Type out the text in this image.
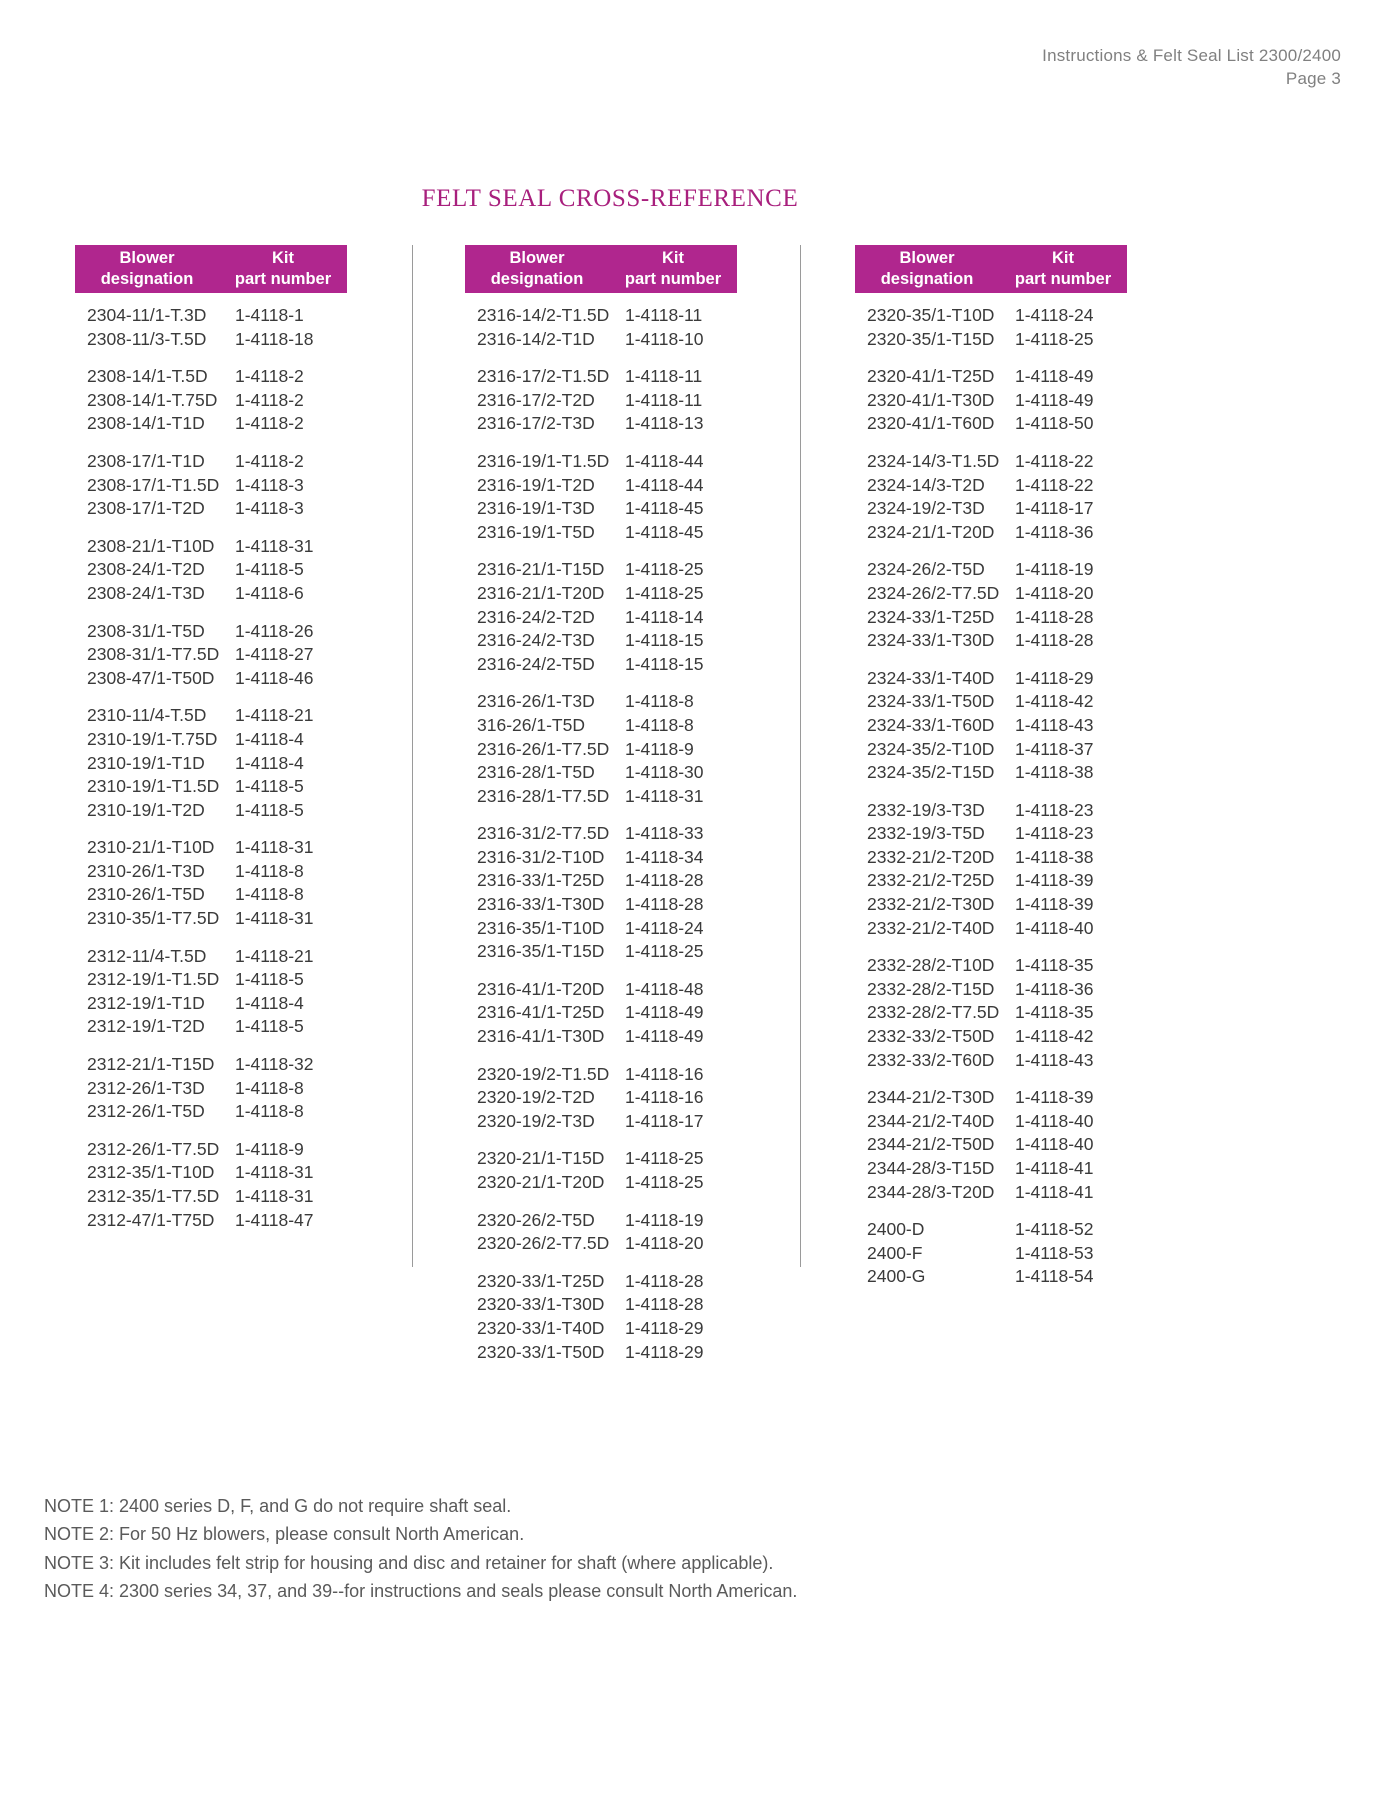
Instructions & Felt Seal List 2300/2400
Page 3
FELT SEAL CROSS-REFERENCE
Blower
designation
Kit
part number
2304-11/1-T.3D	1-4118-1
2308-11/3-T.5D	1-4118-18
2308-14/1-T.5D	1-4118-2
2308-14/1-T.75D	1-4118-2
2308-14/1-T1D	1-4118-2
2308-17/1-T1D	1-4118-2
2308-17/1-T1.5D 1-4118-3
2308-17/1-T2D	1-4118-3
2308-21/1-T10D	1-4118-31
2308-24/1-T2D	1-4118-5
2308-24/1-T3D	1-4118-6
2308-31/1-T5D	1-4118-26
2308-31/1-T7.5D 1-4118-27
2308-47/1-T50D	1-4118-46
2310-11/4-T.5D	1-4118-21
2310-19/1-T.75D	1-4118-4
2310-19/1-T1D	1-4118-4
2310-19/1-T1.5D 1-4118-5
2310-19/1-T2D	1-4118-5
2310-21/1-T10D	1-4118-31
2310-26/1-T3D	1-4118-8
2310-26/1-T5D	1-4118-8
2310-35/1-T7.5D 1-4118-31
2312-11/4-T.5D	1-4118-21
2312-19/1-T1.5D 1-4118-5
2312-19/1-T1D	1-4118-4
2312-19/1-T2D	1-4118-5
2312-21/1-T15D	1-4118-32
2312-26/1-T3D	1-4118-8
2312-26/1-T5D	1-4118-8
2312-26/1-T7.5D 1-4118-9
2312-35/1-T10D	1-4118-31
2312-35/1-T7.5D 1-4118-31
2312-47/1-T75D	1-4118-47
Blower
designation
Kit
part number
2316-14/2-T1.5D 1-4118-11
2316-14/2-T1D	1-4118-10
2316-17/2-T1.5D 1-4118-11
2316-17/2-T2D	1-4118-11
2316-17/2-T3D	1-4118-13
2316-19/1-T1.5D 1-4118-44
2316-19/1-T2D	1-4118-44
2316-19/1-T3D	1-4118-45
2316-19/1-T5D	1-4118-45
2316-21/1-T15D	1-4118-25
2316-21/1-T20D	1-4118-25
2316-24/2-T2D	1-4118-14
2316-24/2-T3D	1-4118-15
2316-24/2-T5D	1-4118-15
2316-26/1-T3D	1-4118-8
316-26/1-T5D	1-4118-8
2316-26/1-T7.5D 1-4118-9
2316-28/1-T5D	1-4118-30
2316-28/1-T7.5D 1-4118-31
2316-31/2-T7.5D 1-4118-33
2316-31/2-T10D	1-4118-34
2316-33/1-T25D	1-4118-28
2316-33/1-T30D	1-4118-28
2316-35/1-T10D	1-4118-24
2316-35/1-T15D	1-4118-25
2316-41/1-T20D	1-4118-48
2316-41/1-T25D	1-4118-49
2316-41/1-T30D	1-4118-49
2320-19/2-T1.5D 1-4118-16
2320-19/2-T2D	1-4118-16
2320-19/2-T3D	1-4118-17
2320-21/1-T15D	1-4118-25
2320-21/1-T20D	1-4118-25
2320-26/2-T5D	1-4118-19
2320-26/2-T7.5D 1-4118-20
2320-33/1-T25D	1-4118-28
2320-33/1-T30D	1-4118-28
2320-33/1-T40D	1-4118-29
2320-33/1-T50D	1-4118-29
Blower
designation
Kit
part number
2320-35/1-T10D	1-4118-24
2320-35/1-T15D	1-4118-25
2320-41/1-T25D	1-4118-49
2320-41/1-T30D	1-4118-49
2320-41/1-T60D	1-4118-50
2324-14/3-T1.5D 1-4118-22
2324-14/3-T2D	1-4118-22
2324-19/2-T3D	1-4118-17
2324-21/1-T20D	1-4118-36
2324-26/2-T5D	1-4118-19
2324-26/2-T7.5D 1-4118-20
2324-33/1-T25D	1-4118-28
2324-33/1-T30D	1-4118-28
2324-33/1-T40D	1-4118-29
2324-33/1-T50D	1-4118-42
2324-33/1-T60D	1-4118-43
2324-35/2-T10D	1-4118-37
2324-35/2-T15D	1-4118-38
2332-19/3-T3D	1-4118-23
2332-19/3-T5D	1-4118-23
2332-21/2-T20D	1-4118-38
2332-21/2-T25D	1-4118-39
2332-21/2-T30D	1-4118-39
2332-21/2-T40D	1-4118-40
2332-28/2-T10D	1-4118-35
2332-28/2-T15D	1-4118-36
2332-28/2-T7.5D 1-4118-35
2332-33/2-T50D	1-4118-42
2332-33/2-T60D	1-4118-43
2344-21/2-T30D	1-4118-39
2344-21/2-T40D	1-4118-40
2344-21/2-T50D	1-4118-40
2344-28/3-T15D	1-4118-41
2344-28/3-T20D	1-4118-41
2400-D	1-4118-52
2400-F	1-4118-53
2400-G	1-4118-54
NOTE 1: 2400 series D, F, and G do not require shaft seal.
NOTE 2: For 50 Hz blowers, please consult North American.
NOTE 3: Kit includes felt strip for housing and disc and retainer for shaft (where applicable).
NOTE 4: 2300 series 34, 37, and 39--for instructions and seals please consult North American.
